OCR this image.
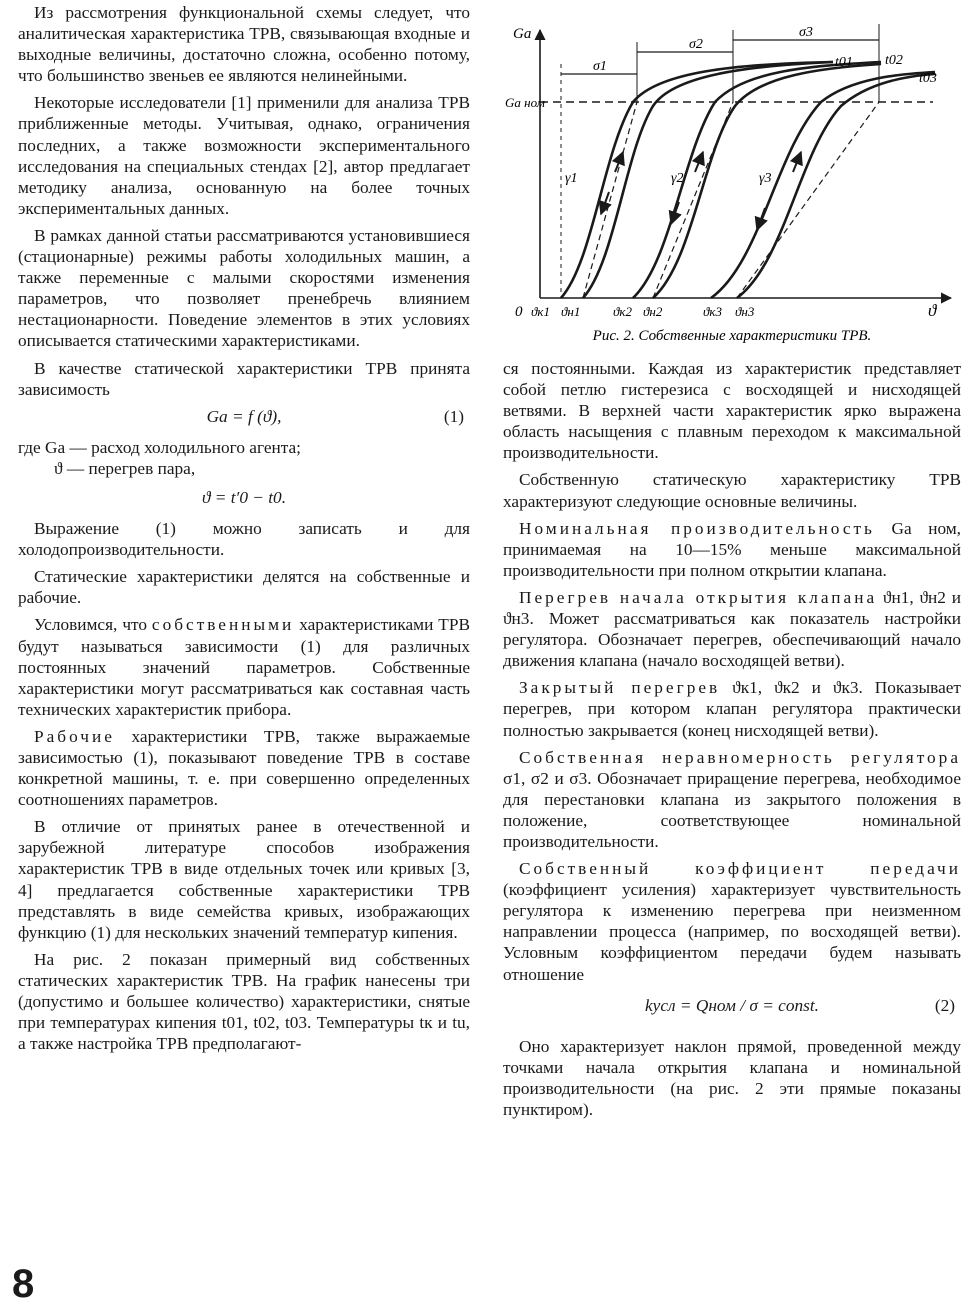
Из рассмотрения функциональной схемы следует, что аналитическая характеристика ТРВ, связывающая входные и выходные величины, достаточно сложна, особенно потому, что большинство звеньев ее являются нелинейными.

Некоторые исследователи [1] применили для анализа ТРВ приближенные методы. Учитывая, однако, ограничения последних, а также возможности экспериментального исследования на специальных стендах [2], автор предлагает методику анализа, основанную на более точных экспериментальных данных.

В рамках данной статьи рассматриваются установившиеся (стационарные) режимы работы холодильных машин, а также переменные с малыми скоростями изменения параметров, что позволяет пренебречь влиянием нестационарности. Поведение элементов в этих условиях описывается статическими характеристиками.

В качестве статической характеристики ТРВ принята зависимость

Gа = f (ϑ),	(1)
где Gа — расход холодильного агента;
ϑ — перегрев пара,
ϑ = t′0 − t0.

Выражение (1) можно записать и для холодопроизводительности.

Статические характеристики делятся на собственные и рабочие.

Условимся, что собственными характеристиками ТРВ будут называться зависимости (1) для различных постоянных значений параметров. Собственные характеристики могут рассматриваться как составная часть технических характеристик прибора.

Рабочие характеристики ТРВ, также выражаемые зависимостью (1), показывают поведение ТРВ в составе конкретной машины, т. е. при совершенно определенных соотношениях параметров.

В отличие от принятых ранее в отечественной и зарубежной литературе способов изображения характеристик ТРВ в виде отдельных точек или кривых [3, 4] предлагается собственные характеристики ТРВ представлять в виде семейства кривых, изображающих функцию (1) для нескольких значений температур кипения.

На рис. 2 показан примерный вид собственных статических характеристик ТРВ. На график нанесены три (допустимо и большее количество) характеристики, снятые при температурах кипения t01, t02, t03. Температуры tк и tu, а также настройка ТРВ предполагают-

Gа
Gа ном
0	ϑ
σ1
σ2
σ3
γ1	γ2	γ3
t01 t02
t03
ϑк1 ϑн1	ϑк2 ϑн2	ϑк3 ϑн3
Рис. 2. Собственные характеристики ТРВ.

ся постоянными. Каждая из характеристик представляет собой петлю гистерезиса с восходящей и нисходящей ветвями. В верхней части характеристик ярко выражена область насыщения с плавным переходом к максимальной производительности.

Собственную статическую характеристику ТРВ характеризуют следующие основные величины.

Номинальная производительность Gа ном, принимаемая на 10—15% меньше максимальной производительности при полном открытии клапана.

Перегрев начала открытия клапана ϑн1, ϑн2 и ϑн3. Может рассматриваться как показатель настройки регулятора. Обозначает перегрев, обеспечивающий начало движения клапана (начало восходящей ветви).

Закрытый перегрев ϑк1, ϑк2 и ϑк3. Показывает перегрев, при котором клапан регулятора практически полностью закрывается (конец нисходящей ветви).

Собственная неравномерность регулятора σ1, σ2 и σ3. Обозначает приращение перегрева, необходимое для перестановки клапана из закрытого положения в положение, соответствующее номинальной производительности.

Собственный коэффициент передачи (коэффициент усиления) характеризует чувствительность регулятора к изменению перегрева при неизменном направлении процесса (например, по восходящей ветви). Условным коэффициентом передачи будем называть отношение

kусл = Qном / σ = const.	(2)

Оно характеризует наклон прямой, проведенной между точками начала открытия клапана и номинальной производительности (на рис. 2 эти прямые показаны пунктиром).

8
